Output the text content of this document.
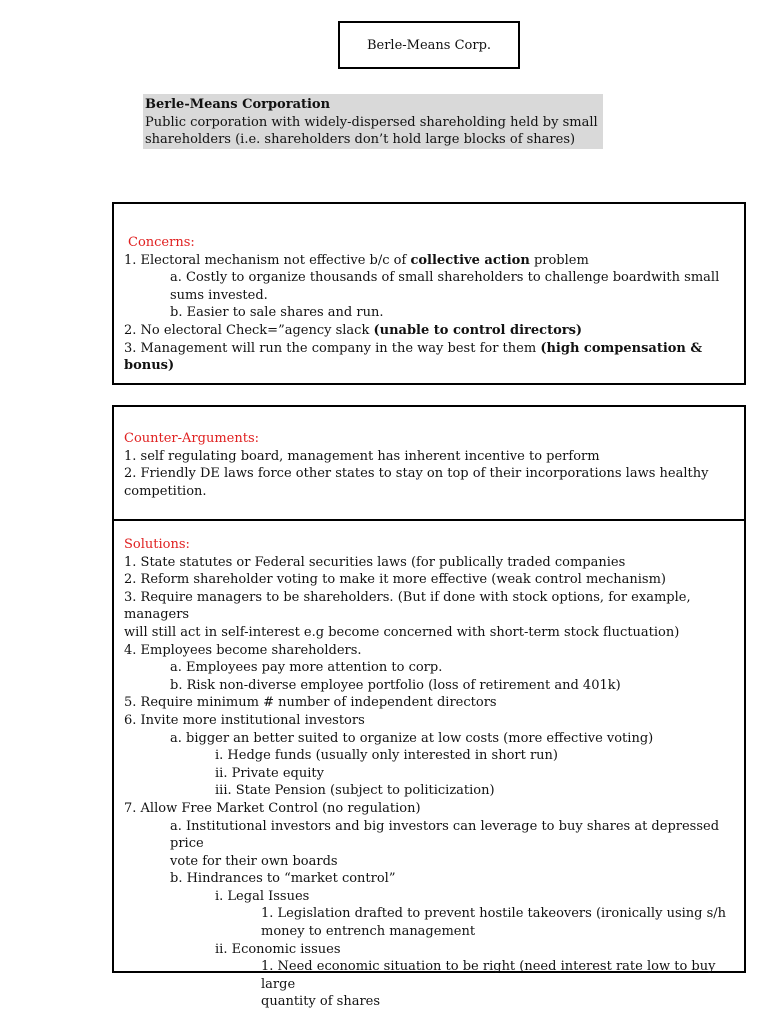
Berle-Means Corp.
Berle-Means Corporation
Public corporation with widely-dispersed shareholding held by small
shareholders (i.e. shareholders don’t hold large blocks of shares)
Concerns:
1. Electoral mechanism not effective b/c of collective action problem
a. Costly to organize thousands of small shareholders to challenge boardwith small
sums invested.
b. Easier to sale shares and run.
2. No electoral Check=”agency slack (unable to control directors)
3. Management will run the company in the way best for them (high compensation & bonus)
Counter-Arguments:
1. self regulating board, management has inherent incentive to perform
2. Friendly DE laws force other states to stay on top of their incorporations laws healthy
competition.
Solutions:
1. State statutes or Federal securities laws (for publically traded companies
2. Reform shareholder voting to make it more effective (weak control mechanism)
3. Require managers to be shareholders. (But if done with stock options, for example, managers
will still act in self-interest e.g become concerned with short-term stock fluctuation)
4. Employees become shareholders.
a. Employees pay more attention to corp.
b. Risk non-diverse employee portfolio (loss of retirement and 401k)
5. Require minimum # number of independent directors
6. Invite more institutional investors
a. bigger an better suited to organize at low costs (more effective voting)
i. Hedge funds (usually only interested in short run)
ii. Private equity
iii. State Pension (subject to politicization)
7. Allow Free Market Control (no regulation)
a. Institutional investors and big investors can leverage to buy shares at depressed price
vote for their own boards
b. Hindrances to “market control”
i. Legal Issues
1. Legislation drafted to prevent hostile takeovers (ironically using s/h
money to entrench management
ii. Economic issues
1. Need economic situation to be right (need interest rate low to buy large
quantity of shares
